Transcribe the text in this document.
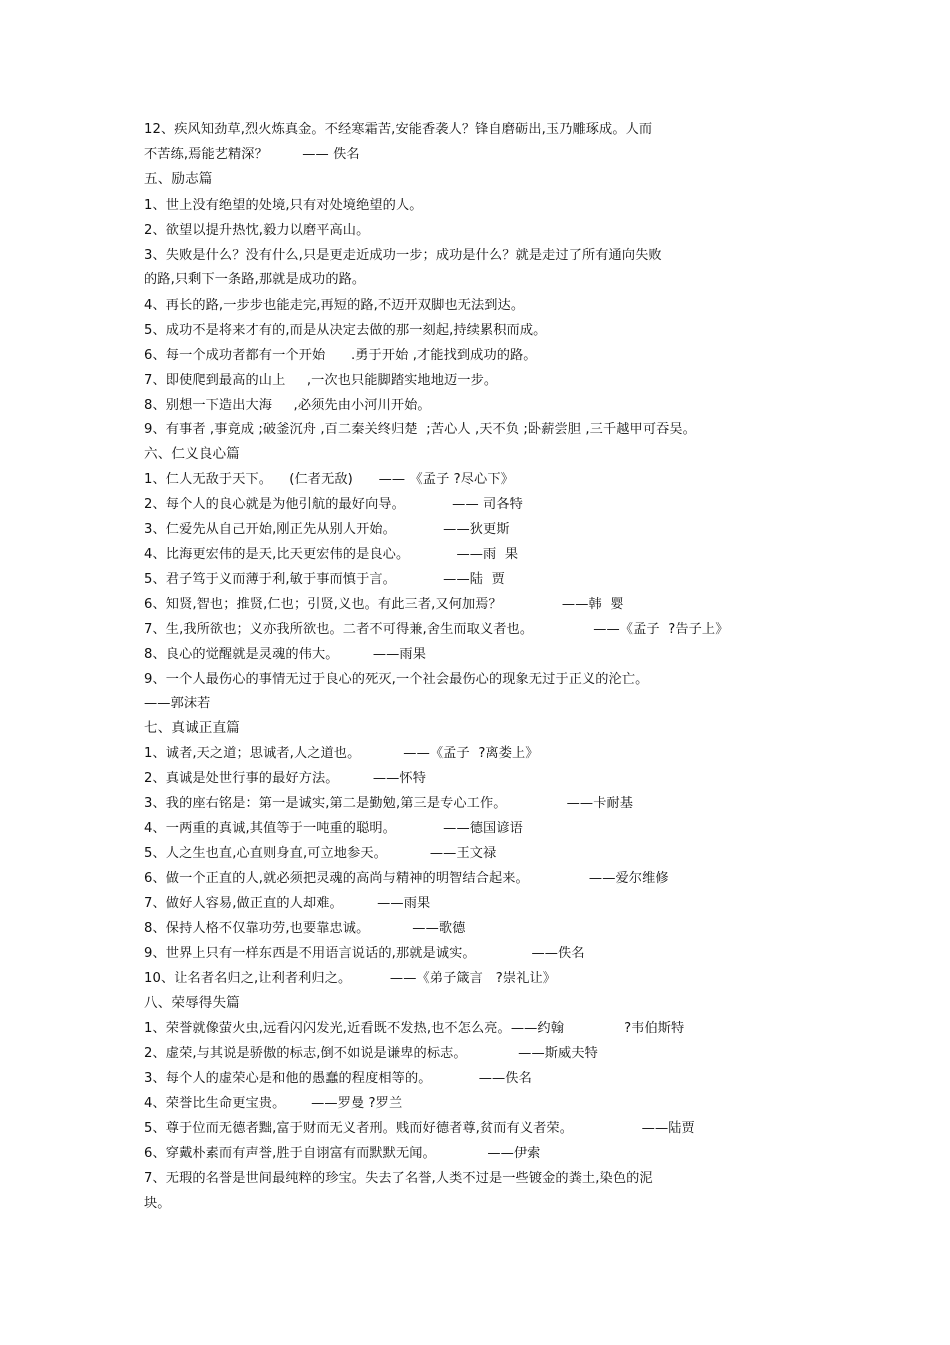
12、疾风知劲草,烈火炼真金。不经寒霜苦,安能香袭人？锋自磨砺出,玉乃雕琢成。人而
不苦练,焉能艺精深？        —— 佚名
五、励志篇
1、世上没有绝望的处境,只有对处境绝望的人。
2、欲望以提升热忱,毅力以磨平高山。
3、失败是什么？没有什么,只是更走近成功一步；成功是什么？就是走过了所有通向失败
的路,只剩下一条路,那就是成功的路。
4、再长的路,一步步也能走完,再短的路,不迈开双脚也无法到达。
5、成功不是将来才有的,而是从决定去做的那一刻起,持续累积而成。
6、每一个成功者都有一个开始      .勇于开始 ,才能找到成功的路。
7、即使爬到最高的山上     ,一次也只能脚踏实地地迈一步。
8、别想一下造出大海     ,必须先由小河川开始。
9、有事者 ,事竟成 ;破釜沉舟 ,百二秦关终归楚  ;苦心人 ,天不负 ;卧薪尝胆 ,三千越甲可吞吴。
六、仁义良心篇
1、仁人无敌于天下。    (仁者无敌)      —— 《孟子 ?尽心下》
2、每个人的良心就是为他引航的最好向导。           —— 司各特
3、仁爱先从自己开始,刚正先从别人开始。           ——狄更斯
4、比海更宏伟的是天,比天更宏伟的是良心。           ——雨  果
5、君子笃于义而薄于利,敏于事而慎于言。           ——陆  贾
6、知贤,智也；推贤,仁也；引贤,义也。有此三者,又何加焉？              ——韩  婴
7、生,我所欲也；义亦我所欲也。二者不可得兼,舍生而取义者也。              ——《孟子  ?告子上》
8、良心的觉醒就是灵魂的伟大。        ——雨果
9、一个人最伤心的事情无过于良心的死灭,一个社会最伤心的现象无过于正义的沦亡。
——郭沫若
七、真诚正直篇
1、诚者,天之道；思诚者,人之道也。          ——《孟子  ?离娄上》
2、真诚是处世行事的最好方法。        ——怀特
3、我的座右铭是：第一是诚实,第二是勤勉,第三是专心工作。              ——卡耐基
4、一两重的真诚,其值等于一吨重的聪明。           ——德国谚语
5、人之生也直,心直则身直,可立地参天。          ——王文禄
6、做一个正直的人,就必须把灵魂的高尚与精神的明智结合起来。              ——爱尔维修
7、做好人容易,做正直的人却难。        ——雨果
8、保持人格不仅靠功劳,也要靠忠诚。          ——歌德
9、世界上只有一样东西是不用语言说话的,那就是诚实。             ——佚名
10、让名者名归之,让利者利归之。         ——《弟子箴言   ?崇礼让》
八、荣辱得失篇
1、荣誉就像萤火虫,远看闪闪发光,近看既不发热,也不怎么亮。——约翰              ?韦伯斯特
2、虚荣,与其说是骄傲的标志,倒不如说是谦卑的标志。            ——斯威夫特
3、每个人的虚荣心是和他的愚蠢的程度相等的。           ——佚名
4、荣誉比生命更宝贵。      ——罗曼 ?罗兰
5、尊于位而无德者黜,富于财而无义者刑。贱而好德者尊,贫而有义者荣。                ——陆贾
6、穿戴朴素而有声誉,胜于自诩富有而默默无闻。            ——伊索
7、无瑕的名誉是世间最纯粹的珍宝。失去了名誉,人类不过是一些镀金的粪土,染色的泥
块。
